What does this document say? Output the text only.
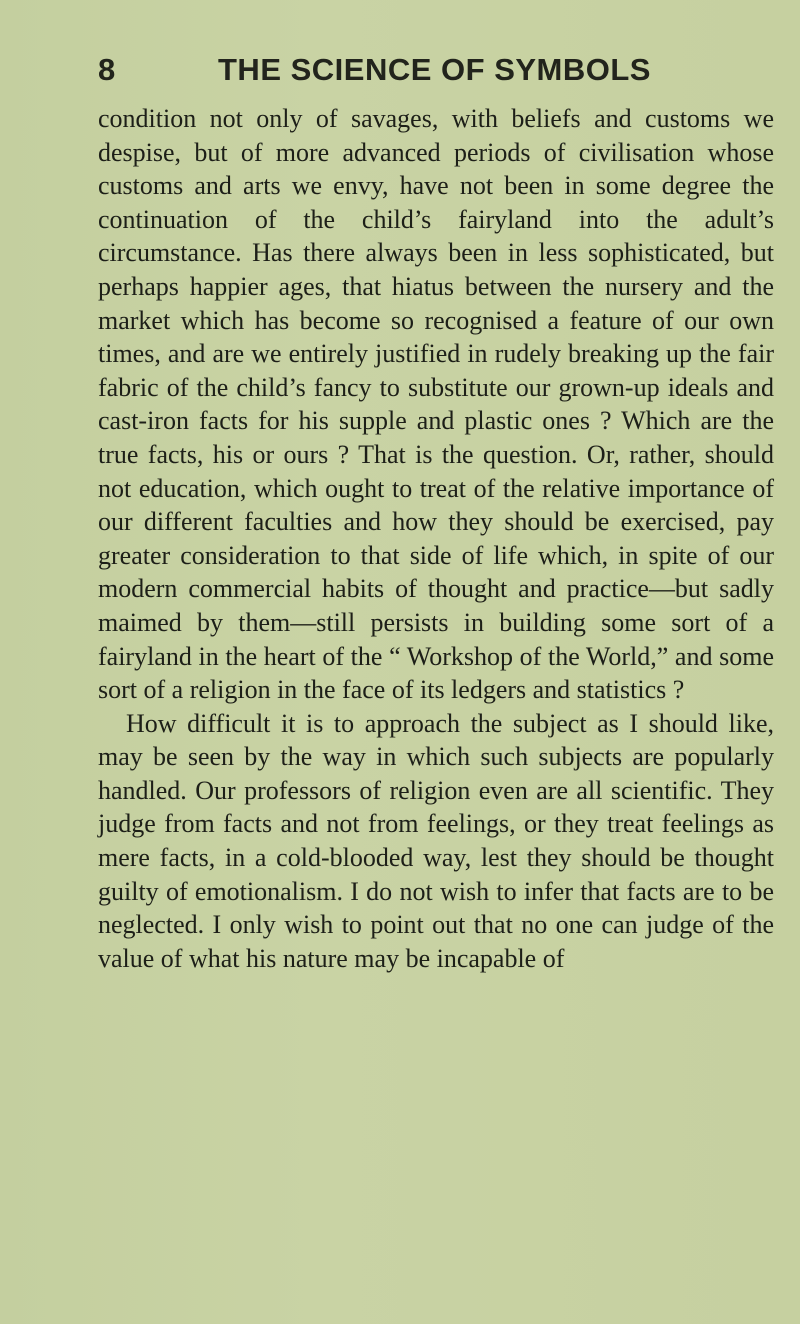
8	THE SCIENCE OF SYMBOLS

condition not only of savages, with beliefs and customs we despise, but of more advanced periods of civilisation whose customs and arts we envy, have not been in some degree the continuation of the child’s fairyland into the adult’s circumstance. Has there always been in less sophisticated, but perhaps happier ages, that hiatus between the nursery and the market which has become so recognised a feature of our own times, and are we entirely justified in rudely breaking up the fair fabric of the child’s fancy to substitute our grown-up ideals and cast-iron facts for his supple and plastic ones ? Which are the true facts, his or ours ? That is the question. Or, rather, should not education, which ought to treat of the relative importance of our different faculties and how they should be exercised, pay greater consideration to that side of life which, in spite of our modern commercial habits of thought and practice—but sadly maimed by them—still persists in building some sort of a fairyland in the heart of the “ Workshop of the World,” and some sort of a religion in the face of its ledgers and statistics ?

How difficult it is to approach the subject as I should like, may be seen by the way in which such subjects are popularly handled. Our professors of religion even are all scientific. They judge from facts and not from feelings, or they treat feelings as mere facts, in a cold-blooded way, lest they should be thought guilty of emotionalism. I do not wish to infer that facts are to be neglected. I only wish to point out that no one can judge of the value of what his nature may be incapable of
